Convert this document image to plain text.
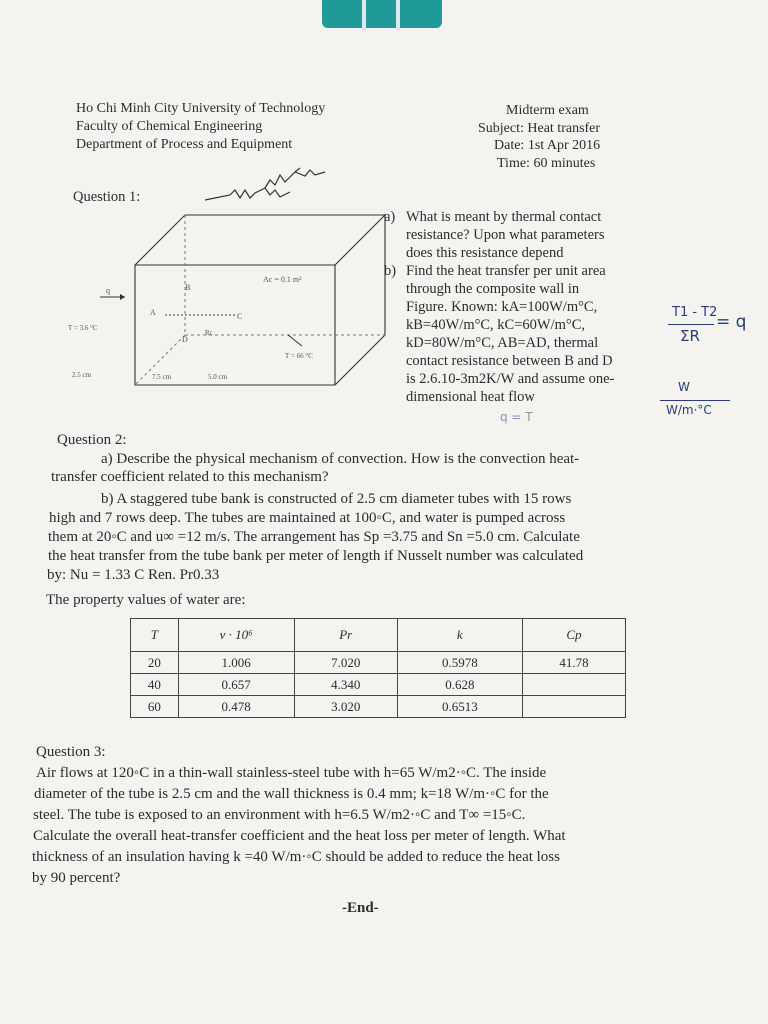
Ho Chi Minh City University of Technology
Faculty of Chemical Engineering
Department of Process and Equipment
Midterm exam
Subject: Heat transfer
Date: 1st Apr 2016
Time: 60 minutes
Question 1:
q
A
B
C
D
Rc
Ac = 0.1 m²
T = 3.6 °C
T = 66 °C
2.5 cm	7.5 cm	5.0 cm
a) What is meant by thermal contact
resistance? Upon what parameters
does this resistance depend
b) Find the heat transfer per unit area
through the composite wall in
Figure. Known: kA=100W/m°C,
kB=40W/m°C, kC=60W/m°C,
kD=80W/m°C, AB=AD, thermal
contact resistance between B and D
is 2.6.10-3m2K/W and assume one-
dimensional heat flow
T1 - T2
ΣR
= q
W
W/m·°C
q = T
Question 2:
a) Describe the physical mechanism of convection. How is the convection heat-
transfer coefficient related to this mechanism?
b) A staggered tube bank is constructed of 2.5 cm diameter tubes with 15 rows
high and 7 rows deep. The tubes are maintained at 100◦C, and water is pumped across
them at 20◦C and u∞ =12 m/s. The arrangement has Sp =3.75 and Sn =5.0 cm. Calculate
the heat transfer from the tube bank per meter of length if Nusselt number was calculated
by: Nu = 1.33 C Ren. Pr0.33
The property values of water are:
T	ν · 10⁶	Pr	k	Cp
20	1.006	7.020	0.5978	41.78
40	0.657	4.340	0.628	
60	0.478	3.020	0.6513	
Question 3:
Air flows at 120◦C in a thin-wall stainless-steel tube with h=65 W/m2·◦C. The inside
diameter of the tube is 2.5 cm and the wall thickness is 0.4 mm; k=18 W/m·◦C for the
steel. The tube is exposed to an environment with h=6.5 W/m2·◦C and T∞ =15◦C.
Calculate the overall heat-transfer coefficient and the heat loss per meter of length. What
thickness of an insulation having k =40 W/m·◦C should be added to reduce the heat loss
by 90 percent?
-End-
